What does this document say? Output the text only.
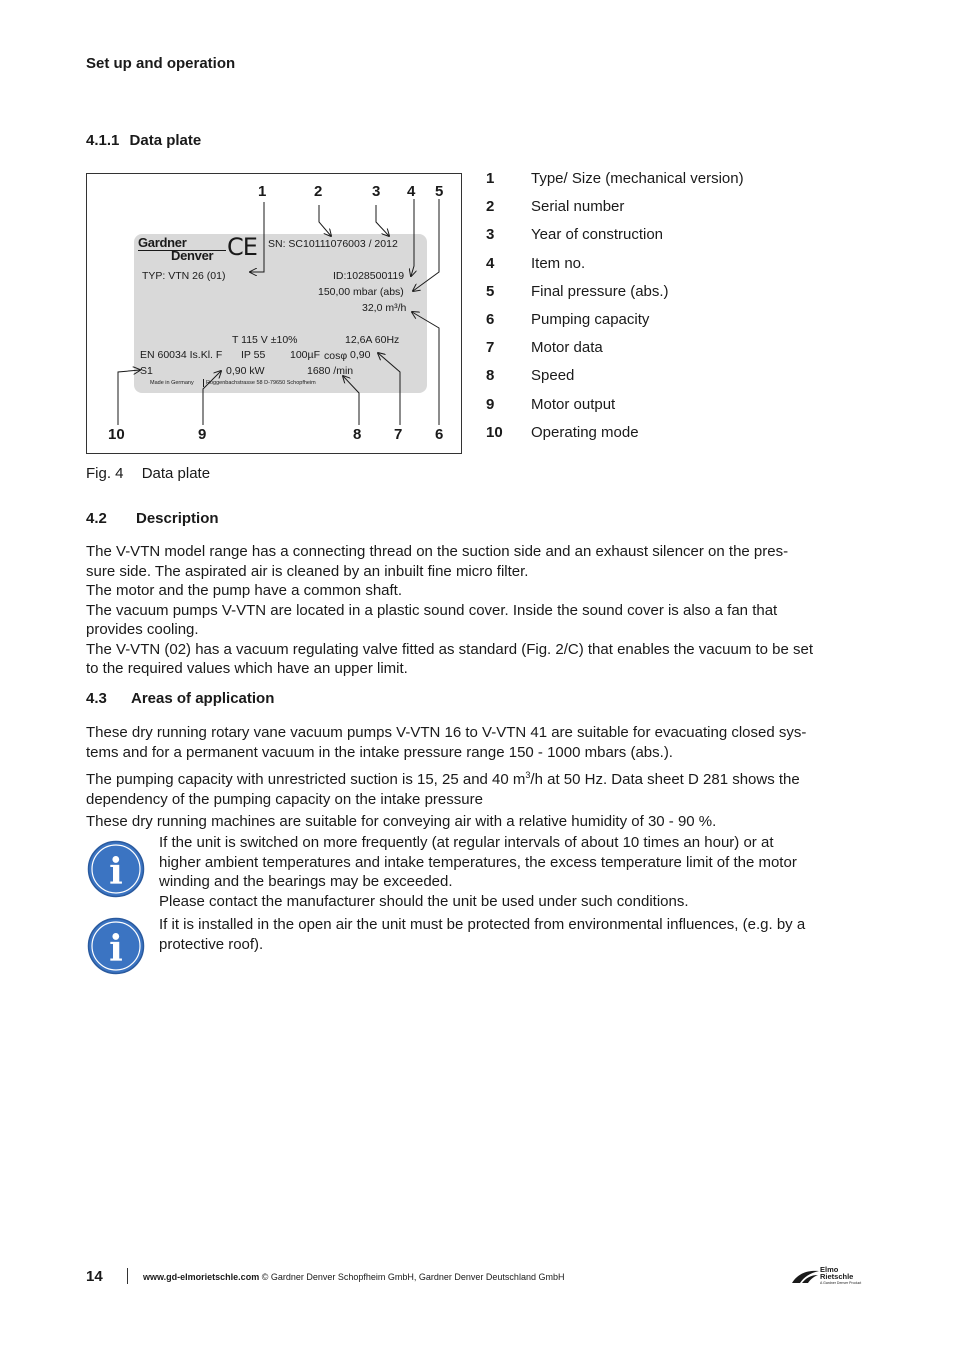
Set up and operation
4.1.1 Data plate
1	2	3 4 5
10	9	8 7 6
Gardner
Denver CE SN: SC10111076003 / 2012
TYP: VTN 26 (01)	ID:1028500119
150,00 mbar (abs)
32,0 m³/h
T 115 V ±10%	12,6A 60Hz
EN 60034 Is.Kl. F IP 55 100µF cosφ 0,90
S1	0,90 kW	1680 /min
Made in Germany Roggenbachstrasse 58 D-79650 Schopfheim
1 Type/ Size (mechanical version)
2 Serial number
3 Year of construction
4 Item no.
5 Final pressure (abs.)
6 Pumping capacity
7 Motor data
8 Speed
9 Motor output
10 Operating mode
Fig. 4 Data plate
4.2 Description
The V-VTN model range has a connecting thread on the suction side and an exhaust silencer on the pres-
sure side. The aspirated air is cleaned by an inbuilt fine micro filter.
The motor and the pump have a common shaft.
The vacuum pumps V-VTN are located in a plastic sound cover. Inside the sound cover is also a fan that
provides cooling.
The V-VTN (02) has a vacuum regulating valve fitted as standard (Fig. 2/C) that enables the vacuum to be set
to the required values which have an upper limit.
4.3 Areas of application
These dry running rotary vane vacuum pumps V-VTN 16 to V-VTN 41 are suitable for evacuating closed sys-
tems and for a permanent vacuum in the intake pressure range 150 - 1000 mbars (abs.).
The pumping capacity with unrestricted suction is 15, 25 and 40 $m^3/h$ at 50 Hz. Data sheet D 281 shows the
dependency of the pumping capacity on the intake pressure
These dry running machines are suitable for conveying air with a relative humidity of 30 - 90 %.
i
If the unit is switched on more frequently (at regular intervals of about 10 times an hour) or at
higher ambient temperatures and intake temperatures, the excess temperature limit of the motor
winding and the bearings may be exceeded.
Please contact the manufacturer should the unit be used under such conditions.
i
If it is installed in the open air the unit must be protected from environmental influences, (e.g. by a
protective roof).
14	www.gd-elmorietschle.com © Gardner Denver Schopfheim GmbH, Gardner Denver Deutschland GmbH
Elmo
Rietschle
A Gardner Denver Product
